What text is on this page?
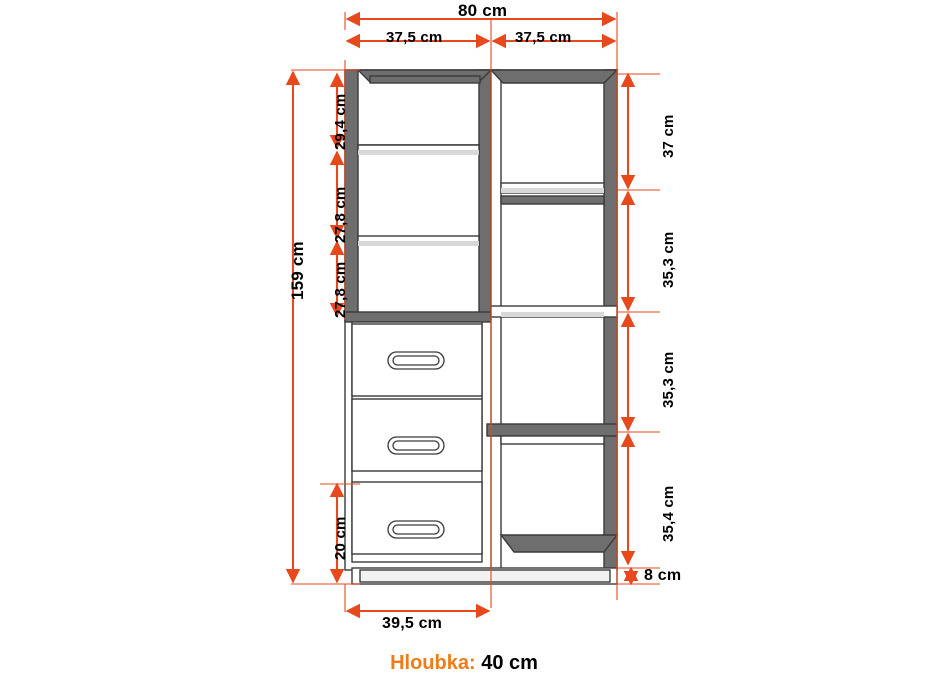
80 cm
37,5 cm	37,5 cm
159 cm
29,4 cm
27,8 cm
27,8 cm
20 cm
37 cm
35,3 cm
35,3 cm
35,4 cm
8 cm
39,5 cm
Hloubka: 40 cm
